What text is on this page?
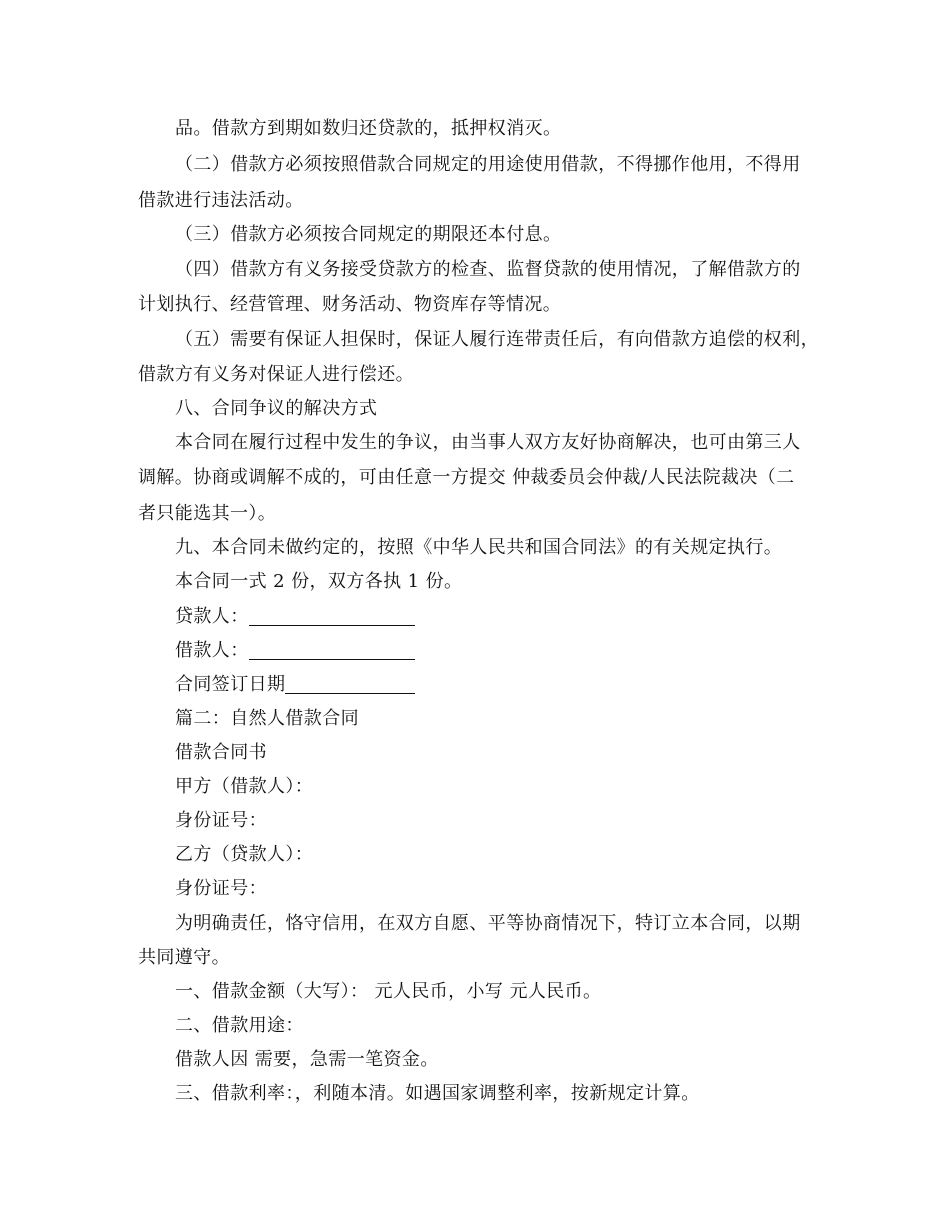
品。借款方到期如数归还贷款的，抵押权消灭。
（二）借款方必须按照借款合同规定的用途使用借款，不得挪作他用，不得用
借款进行违法活动。
（三）借款方必须按合同规定的期限还本付息。
（四）借款方有义务接受贷款方的检查、监督贷款的使用情况，了解借款方的
计划执行、经营管理、财务活动、物资库存等情况。
（五）需要有保证人担保时，保证人履行连带责任后，有向借款方追偿的权利，
借款方有义务对保证人进行偿还。
八、合同争议的解决方式
本合同在履行过程中发生的争议，由当事人双方友好协商解决，也可由第三人
调解。协商或调解不成的，可由任意一方提交 仲裁委员会仲裁/人民法院裁决（二
者只能选其一）。
九、本合同未做约定的，按照《中华人民共和国合同法》的有关规定执行。
本合同一式 2 份，双方各执 1 份。
贷款人：
借款人：
合同签订日期
篇二：自然人借款合同
借款合同书
甲方（借款人）：
身份证号：
乙方（贷款人）：
身份证号：
为明确责任，恪守信用，在双方自愿、平等协商情况下，特订立本合同，以期
共同遵守。
一、借款金额（大写）： 元人民币，小写 元人民币。
二、借款用途：
借款人因 需要，急需一笔资金。
三、借款利率：，利随本清。如遇国家调整利率，按新规定计算。
